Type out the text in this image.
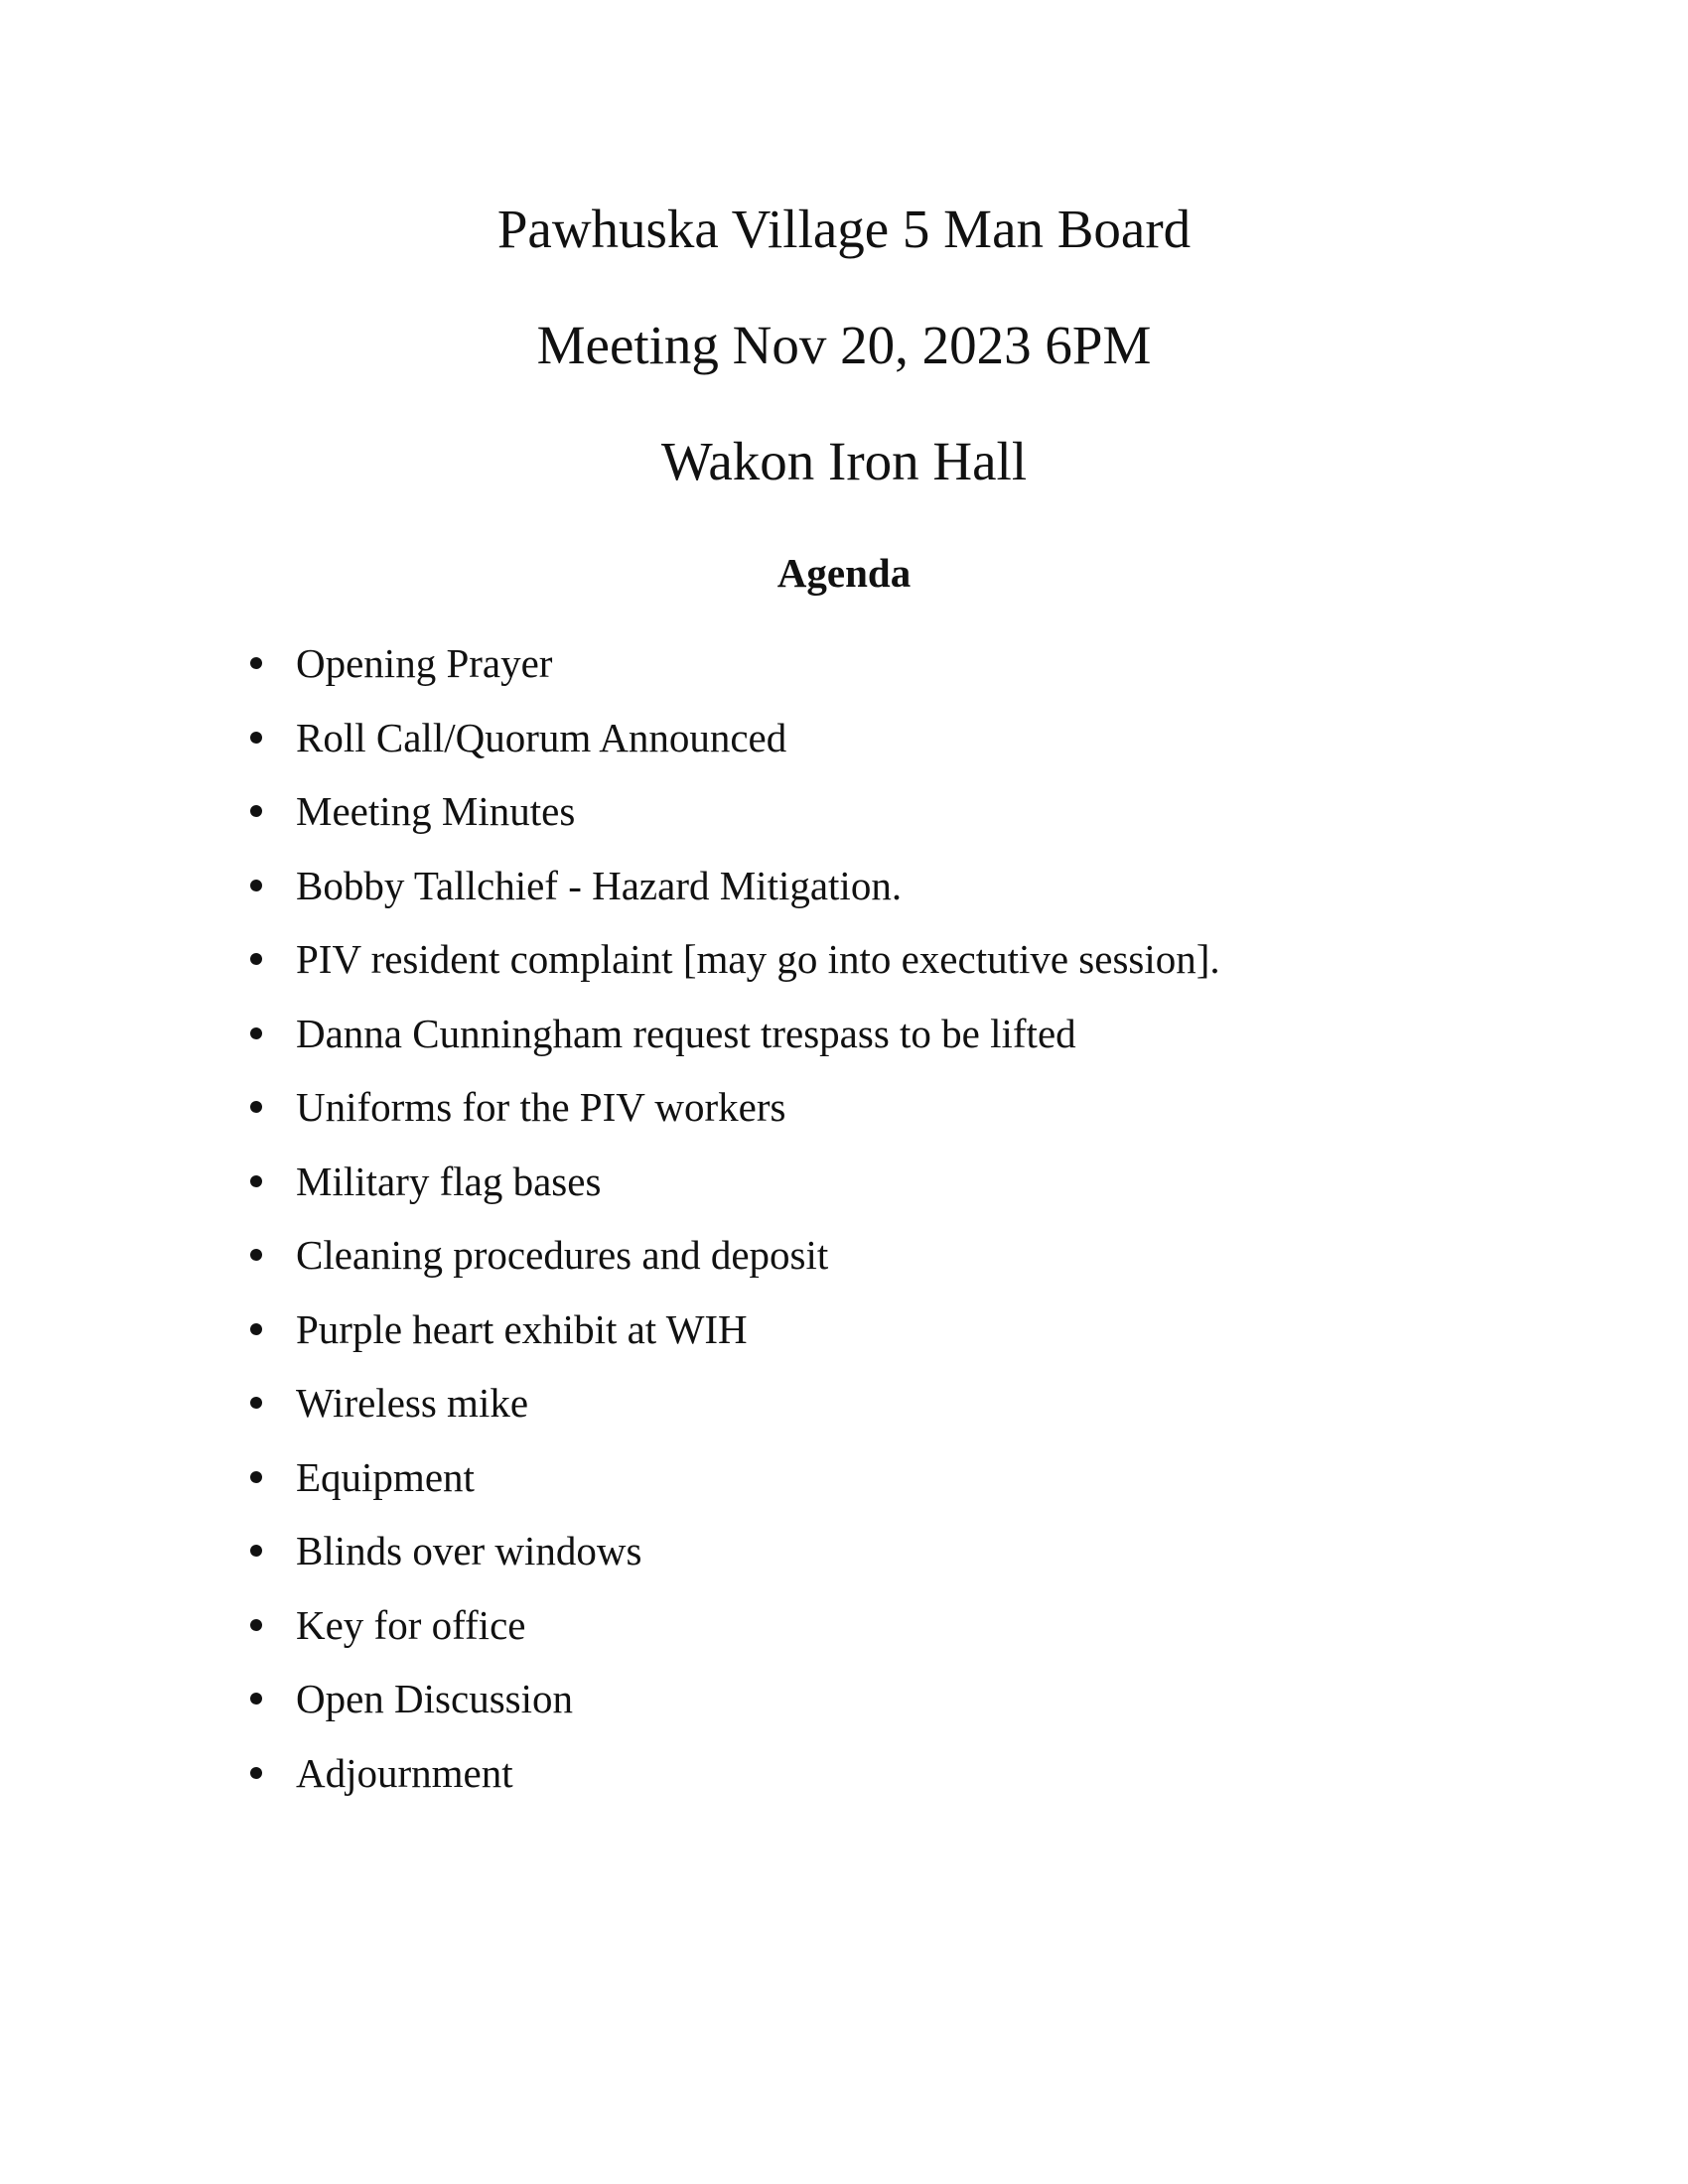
Pawhuska Village 5 Man Board
Meeting Nov 20, 2023 6PM
Wakon Iron Hall
Agenda
Opening Prayer
Roll Call/Quorum Announced
Meeting Minutes
Bobby Tallchief - Hazard Mitigation.
PIV resident complaint [may go into exectutive session].
Danna Cunningham request trespass to be lifted
Uniforms for the PIV workers
Military flag bases
Cleaning procedures and deposit
Purple heart exhibit at WIH
Wireless mike
Equipment
Blinds over windows
Key for office
Open Discussion
Adjournment
